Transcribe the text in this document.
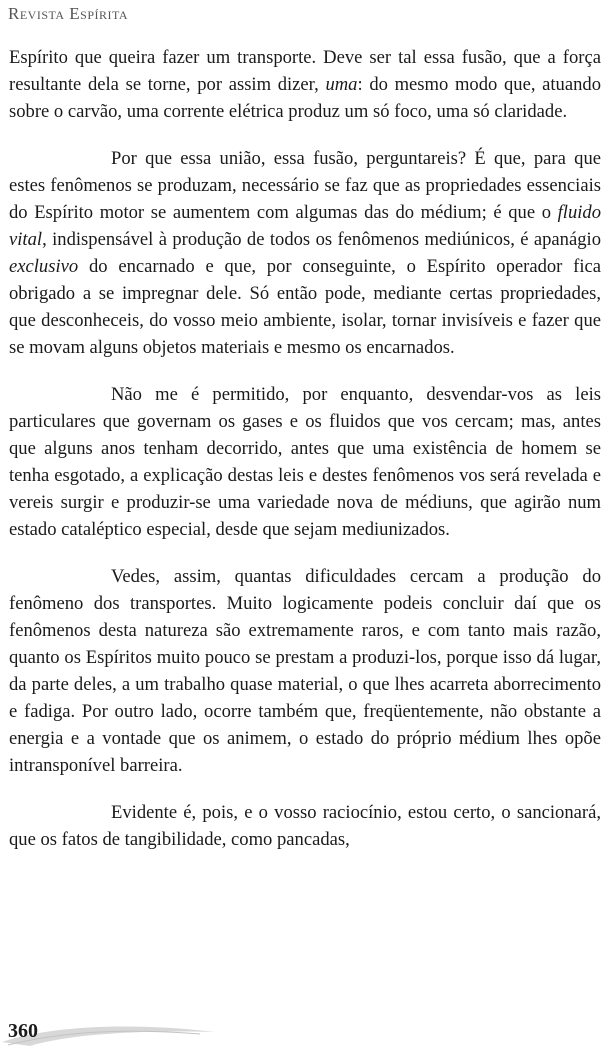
Revista Espírita

Espírito que queira fazer um transporte. Deve ser tal essa fusão, que a força resultante dela se torne, por assim dizer, uma: do mesmo modo que, atuando sobre o carvão, uma corrente elétrica produz um só foco, uma só claridade.

Por que essa união, essa fusão, perguntareis? É que, para que estes fenômenos se produzam, necessário se faz que as propriedades essenciais do Espírito motor se aumentem com algumas das do médium; é que o fluido vital, indispensável à produção de todos os fenômenos mediúnicos, é apanágio exclusivo do encarnado e que, por conseguinte, o Espírito operador fica obrigado a se impregnar dele. Só então pode, mediante certas propriedades, que desconheceis, do vosso meio ambiente, isolar, tornar invisíveis e fazer que se movam alguns objetos materiais e mesmo os encarnados.

Não me é permitido, por enquanto, desvendar-vos as leis particulares que governam os gases e os fluidos que vos cercam; mas, antes que alguns anos tenham decorrido, antes que uma existência de homem se tenha esgotado, a explicação destas leis e destes fenômenos vos será revelada e vereis surgir e produzir-se uma variedade nova de médiuns, que agirão num estado cataléptico especial, desde que sejam mediunizados.

Vedes, assim, quantas dificuldades cercam a produção do fenômeno dos transportes. Muito logicamente podeis concluir daí que os fenômenos desta natureza são extremamente raros, e com tanto mais razão, quanto os Espíritos muito pouco se prestam a produzi-los, porque isso dá lugar, da parte deles, a um trabalho quase material, o que lhes acarreta aborrecimento e fadiga. Por outro lado, ocorre também que, freqüentemente, não obstante a energia e a vontade que os animem, o estado do próprio médium lhes opõe intransponível barreira.

Evidente é, pois, e o vosso raciocínio, estou certo, o sancionará, que os fatos de tangibilidade, como pancadas,

360
